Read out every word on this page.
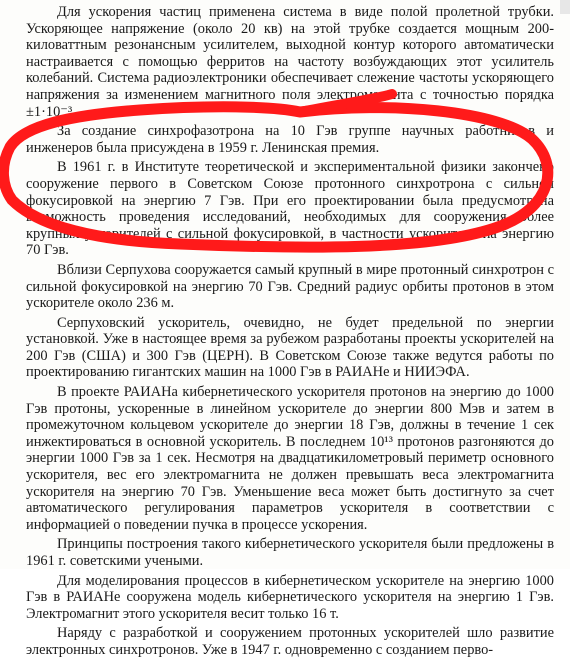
Для ускорения частиц применена система в виде полой пролетной трубки. Ускоряющее напряжение (около 20 кв) на этой трубке создается мощным 200-киловаттным резонансным усилителем, выходной контур которого автоматически настраивается с помощью ферритов на частоту возбуждающих этот усилитель колебаний. Система радиоэлектроники обеспечивает слежение частоты ускоряющего напряжения за изменением магнитного поля электромагнита с точностью порядка ±1·10⁻³.

За создание синхрофазотрона на 10 Гэв группе научных работников и инженеров была присуждена в 1959 г. Ленинская премия.

В 1961 г. в Институте теоретической и экспериментальной физики закончено сооружение первого в Советском Союзе протонного синхротрона с сильной фокусировкой на энергию 7 Гэв. При его проектировании была предусмотрена возможность проведения исследований, необходимых для сооружения более крупных ускорителей с сильной фокусировкой, в частности ускорителя на энергию 70 Гэв.

Вблизи Серпухова сооружается самый крупный в мире протонный синхротрон с сильной фокусировкой на энергию 70 Гэв. Средний радиус орбиты протонов в этом ускорителе около 236 м.

Серпуховский ускоритель, очевидно, не будет предельной по энергии установкой. Уже в настоящее время за рубежом разработаны проекты ускорителей на 200 Гэв (США) и 300 Гэв (ЦЕРН). В Советском Союзе также ведутся работы по проектированию гигантских машин на 1000 Гэв в РАИАНе и НИИЭФА.

В проекте РАИАНа кибернетического ускорителя протонов на энергию до 1000 Гэв протоны, ускоренные в линейном ускорителе до энергии 800 Мэв и затем в промежуточном кольцевом ускорителе до энергии 18 Гэв, должны в течение 1 сек инжектироваться в основной ускоритель. В последнем 10¹³ протонов разгоняются до энергии 1000 Гэв за 1 сек. Несмотря на двадцатикилометровый периметр основного ускорителя, вес его электромагнита не должен превышать веса электромагнита ускорителя на энергию 70 Гэв. Уменьшение веса может быть достигнуто за счет автоматического регулирования параметров ускорителя в соответствии с информацией о поведении пучка в процессе ускорения.

Принципы построения такого кибернетического ускорителя были предложены в 1961 г. советскими учеными.

Для моделирования процессов в кибернетическом ускорителе на энергию 1000 Гэв в РАИАНе сооружена модель кибернетического ускорителя на энергию 1 Гэв. Электромагнит этого ускорителя весит только 16 т.

Наряду с разработкой и сооружением протонных ускорителей шло развитие электронных синхротронов. Уже в 1947 г. одновременно с созданием перво-
